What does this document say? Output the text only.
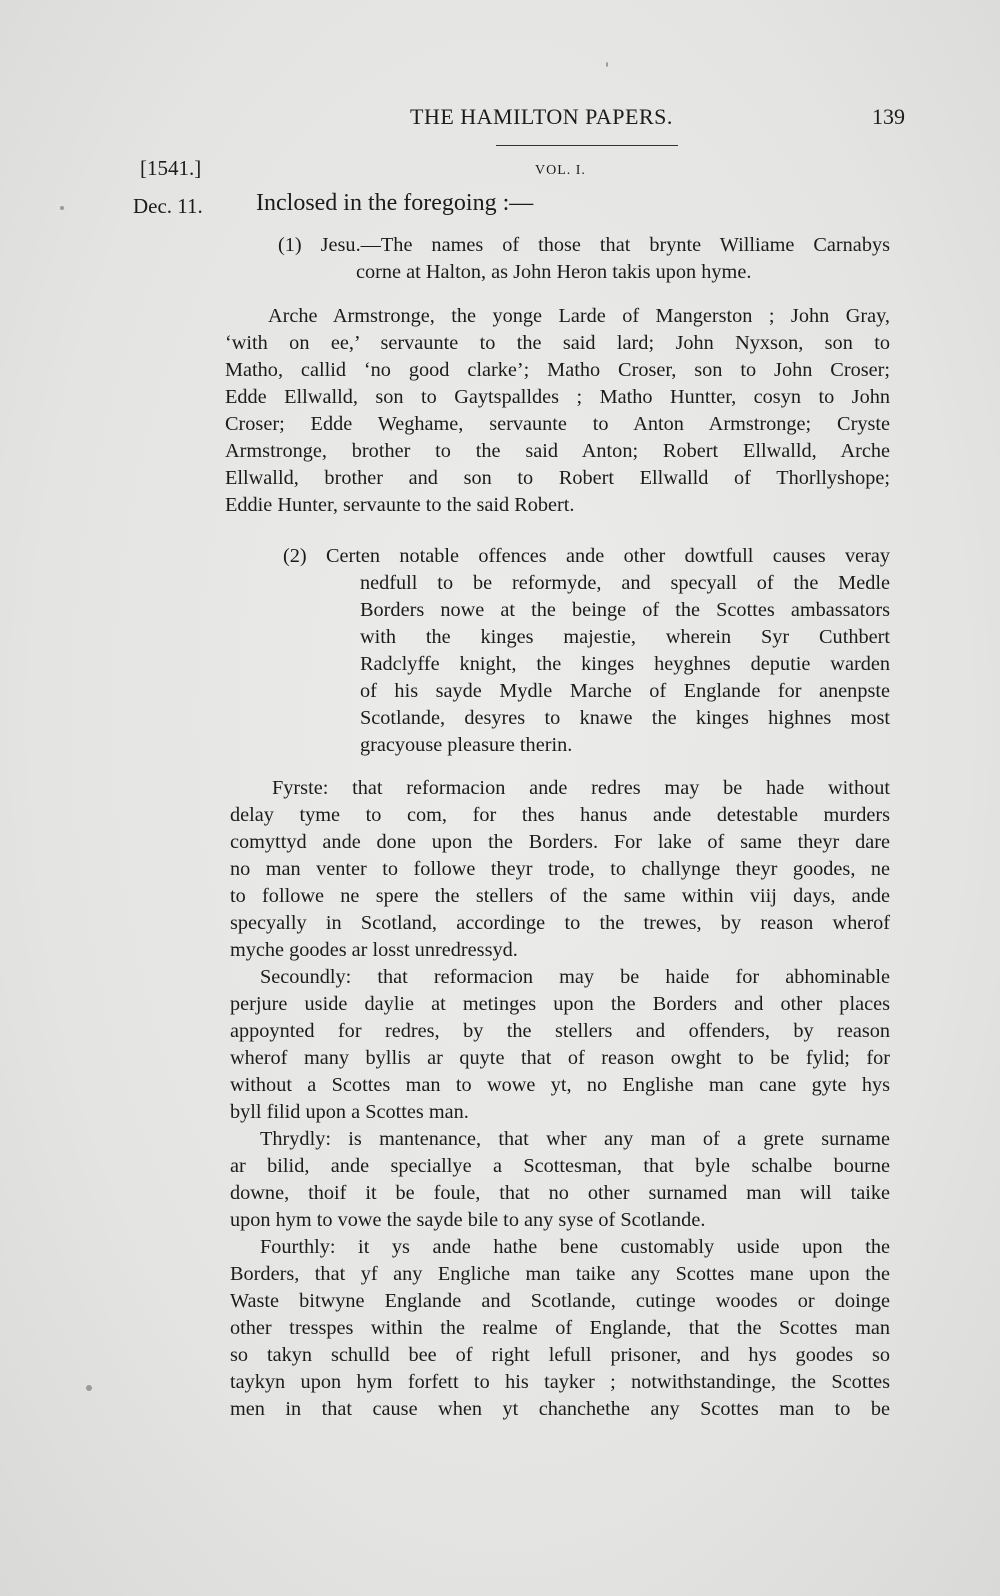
THE HAMILTON PAPERS.	139
[1541.]	VOL. I.
Dec. 11. Inclosed in the foregoing :—
(1) Jesu.—The names of those that brynte Williame Carnabys
corne at Halton, as John Heron takis upon hyme.
Arche Armstronge, the yonge Larde of Mangerston ; John Gray,
‘with on ee,’ servaunte to the said lard; John Nyxson, son to
Matho, callid ‘no good clarke’; Matho Croser, son to John Croser;
Edde Ellwalld, son to Gaytspalldes ; Matho Huntter, cosyn to John
Croser; Edde Weghame, servaunte to Anton Armstronge; Cryste
Armstronge, brother to the said Anton; Robert Ellwalld, Arche
Ellwalld, brother and son to Robert Ellwalld of Thorllyshope;
Eddie Hunter, servaunte to the said Robert.
(2) Certen notable offences ande other dowtfull causes veray
nedfull to be reformyde, and specyall of the Medle
Borders nowe at the beinge of the Scottes ambassators
with the kinges majestie, wherein Syr Cuthbert
Radclyffe knight, the kinges heyghnes deputie warden
of his sayde Mydle Marche of Englande for anenpste
Scotlande, desyres to knawe the kinges highnes most
gracyouse pleasure therin.
Fyrste: that reformacion ande redres may be hade without
delay tyme to com, for thes hanus ande detestable murders
comyttyd ande done upon the Borders. For lake of same theyr dare
no man venter to followe theyr trode, to challynge theyr goodes, ne
to followe ne spere the stellers of the same within viij days, ande
specyally in Scotland, accordinge to the trewes, by reason wherof
myche goodes ar losst unredressyd.
Secoundly: that reformacion may be haide for abhominable
perjure uside daylie at metinges upon the Borders and other places
appoynted for redres, by the stellers and offenders, by reason
wherof many byllis ar quyte that of reason owght to be fylid; for
without a Scottes man to wowe yt, no Englishe man cane gyte hys
byll filid upon a Scottes man.
Thrydly: is mantenance, that wher any man of a grete surname
ar bilid, ande speciallye a Scottesman, that byle schalbe bourne
downe, thoif it be foule, that no other surnamed man will taike
upon hym to vowe the sayde bile to any syse of Scotlande.
Fourthly: it ys ande hathe bene customably uside upon the
Borders, that yf any Engliche man taike any Scottes mane upon the
Waste bitwyne Englande and Scotlande, cutinge woodes or doinge
other tresspes within the realme of Englande, that the Scottes man
so takyn schulld bee of right lefull prisoner, and hys goodes so
taykyn upon hym forfett to his tayker ; notwithstandinge, the Scottes
men in that cause when yt chanchethe any Scottes man to be
